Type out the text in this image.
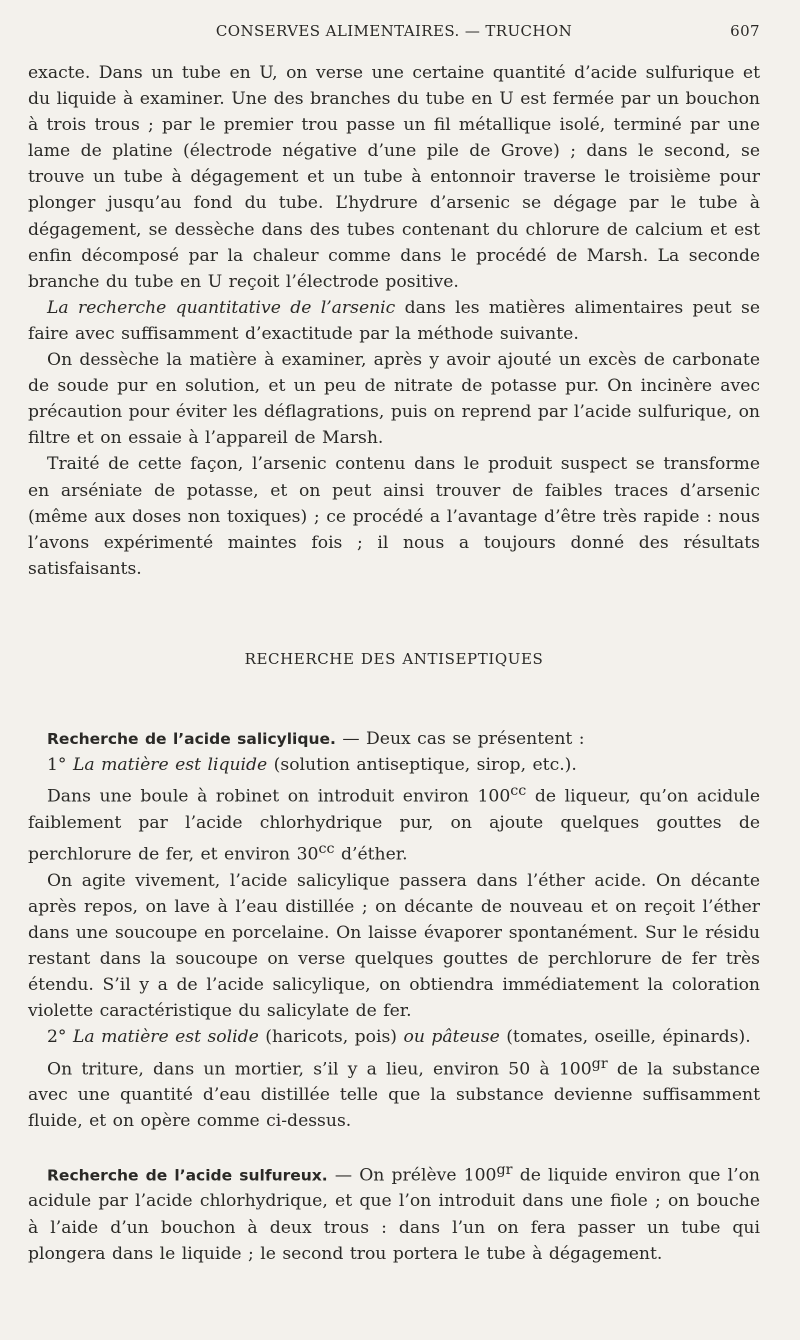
CONSERVES ALIMENTAIRES. — TRUCHON	607

exacte. Dans un tube en U, on verse une certaine quantité d’acide sulfurique et du liquide à examiner. Une des branches du tube en U est fermée par un bouchon à trois trous ; par le premier trou passe un fil métallique isolé, terminé par une lame de platine (électrode négative d’une pile de Grove) ; dans le second, se trouve un tube à dégagement et un tube à entonnoir traverse le troisième pour plonger jusqu’au fond du tube. L’hydrure d’arsenic se dégage par le tube à dégagement, se dessèche dans des tubes contenant du chlorure de calcium et est enfin décomposé par la chaleur comme dans le procédé de Marsh. La seconde branche du tube en U reçoit l’électrode positive.

La recherche quantitative de l’arsenic dans les matières alimentaires peut se faire avec suffisamment d’exactitude par la méthode suivante.

On dessèche la matière à examiner, après y avoir ajouté un excès de carbonate de soude pur en solution, et un peu de nitrate de potasse pur. On incinère avec précaution pour éviter les déflagrations, puis on reprend par l’acide sulfurique, on filtre et on essaie à l’appareil de Marsh.

Traité de cette façon, l’arsenic contenu dans le produit suspect se transforme en arséniate de potasse, et on peut ainsi trouver de faibles traces d’arsenic (même aux doses non toxiques) ; ce procédé a l’avantage d’être très rapide : nous l’avons expérimenté maintes fois ; il nous a toujours donné des résultats satisfaisants.

RECHERCHE DES ANTISEPTIQUES

Recherche de l’acide salicylique. — Deux cas se présentent :

1° La matière est liquide (solution antiseptique, sirop, etc.).

Dans une boule à robinet on introduit environ $100^{cc}$ de liqueur, qu’on acidule faiblement par l’acide chlorhydrique pur, on ajoute quelques gouttes de perchlorure de fer, et environ $30^{cc}$ d’éther.

On agite vivement, l’acide salicylique passera dans l’éther acide. On décante après repos, on lave à l’eau distillée ; on décante de nouveau et on reçoit l’éther dans une soucoupe en porcelaine. On laisse évaporer spontanément. Sur le résidu restant dans la soucoupe on verse quelques gouttes de perchlorure de fer très étendu. S’il y a de l’acide salicylique, on obtiendra immédiatement la coloration violette caractéristique du salicylate de fer.

2° La matière est solide (haricots, pois) ou pâteuse (tomates, oseille, épinards).

On triture, dans un mortier, s’il y a lieu, environ 50 à $100^{gr}$ de la substance avec une quantité d’eau distillée telle que la substance devienne suffisamment fluide, et on opère comme ci-dessus.

Recherche de l’acide sulfureux. — On prélève $100^{gr}$ de liquide environ que l’on acidule par l’acide chlorhydrique, et que l’on introduit dans une fiole ; on bouche à l’aide d’un bouchon à deux trous : dans l’un on fera passer un tube qui plongera dans le liquide ; le second trou portera le tube à dégagement.
